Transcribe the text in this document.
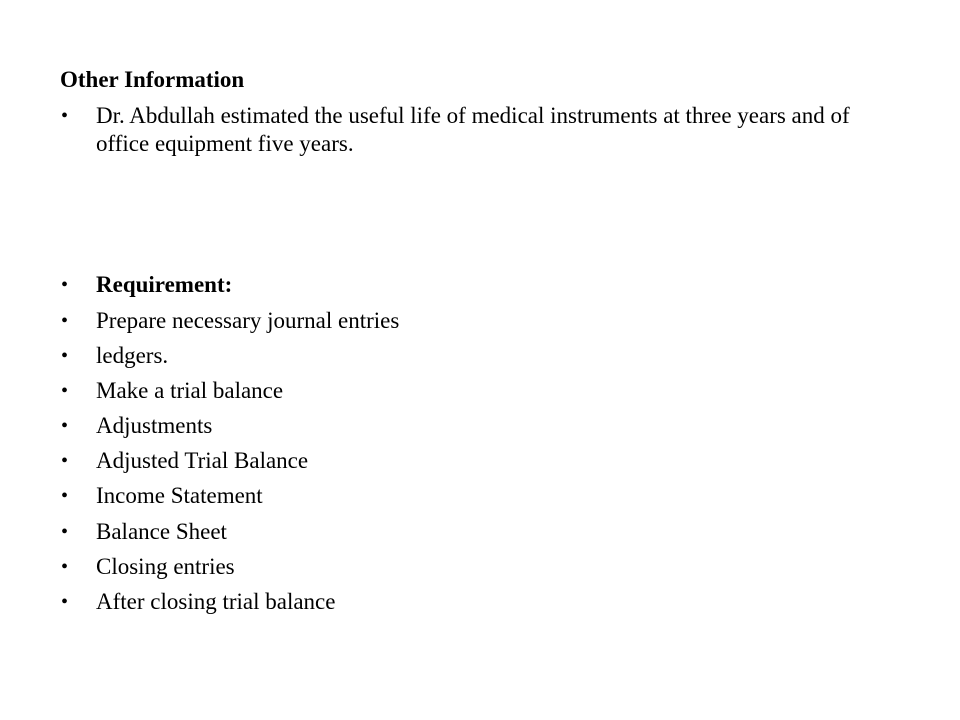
Other Information

•	Dr. Abdullah estimated the useful life of medical instruments at three years and of office equipment five years.
•	Requirement:
•	Prepare necessary journal entries
•	ledgers.
•	Make a trial balance
•	Adjustments
•	Adjusted Trial Balance
•	Income Statement
•	Balance Sheet
•	Closing entries
•	After closing trial balance
